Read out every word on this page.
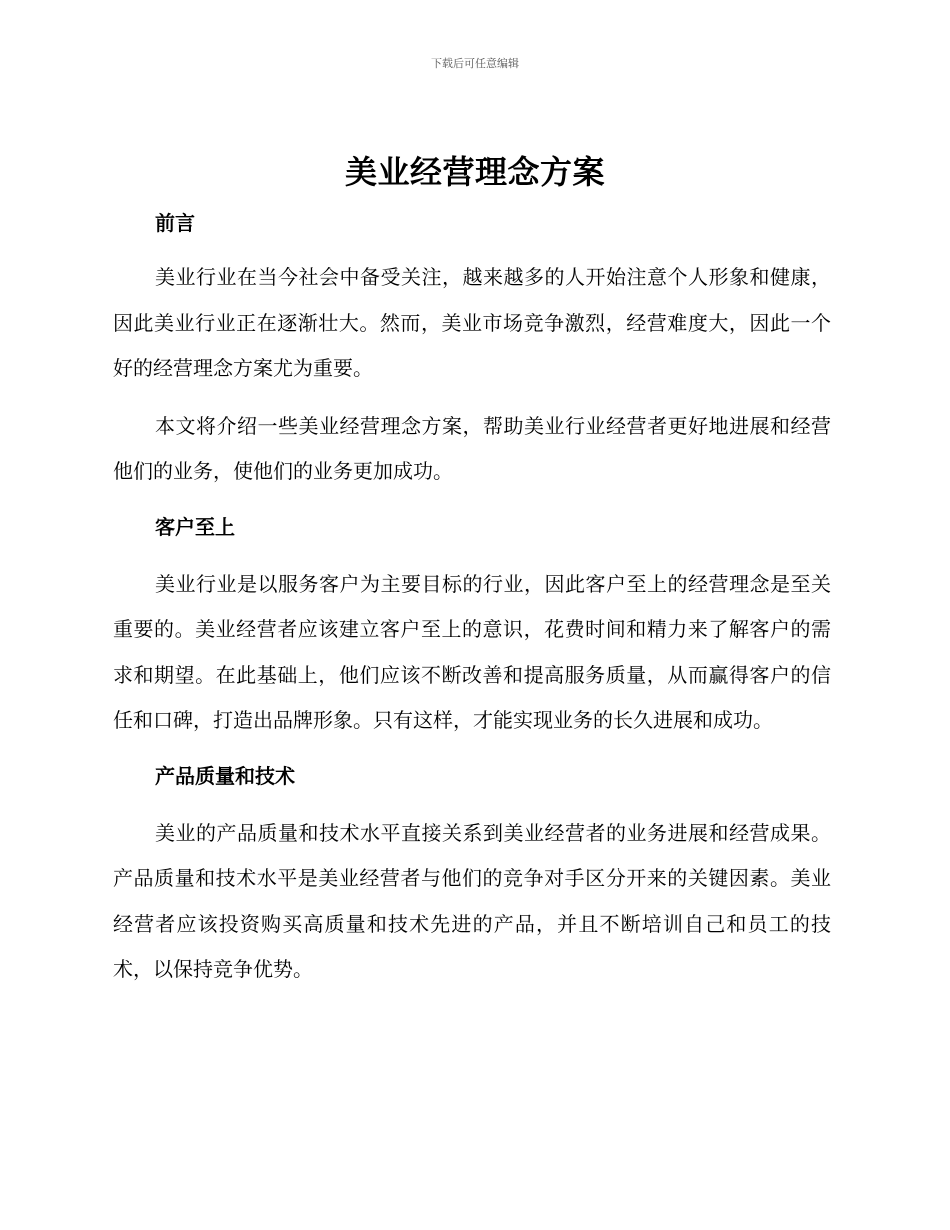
下载后可任意编辑
美业经营理念方案
前言

美业行业在当今社会中备受关注，越来越多的人开始注意个人形象和健康，因此美业行业正在逐渐壮大。然而，美业市场竞争激烈，经营难度大，因此一个好的经营理念方案尤为重要。

本文将介绍一些美业经营理念方案，帮助美业行业经营者更好地进展和经营他们的业务，使他们的业务更加成功。

客户至上

美业行业是以服务客户为主要目标的行业，因此客户至上的经营理念是至关重要的。美业经营者应该建立客户至上的意识，花费时间和精力来了解客户的需求和期望。在此基础上，他们应该不断改善和提高服务质量，从而赢得客户的信任和口碑，打造出品牌形象。只有这样，才能实现业务的长久进展和成功。

产品质量和技术

美业的产品质量和技术水平直接关系到美业经营者的业务进展和经营成果。产品质量和技术水平是美业经营者与他们的竞争对手区分开来的关键因素。美业经营者应该投资购买高质量和技术先进的产品，并且不断培训自己和员工的技术，以保持竞争优势。
